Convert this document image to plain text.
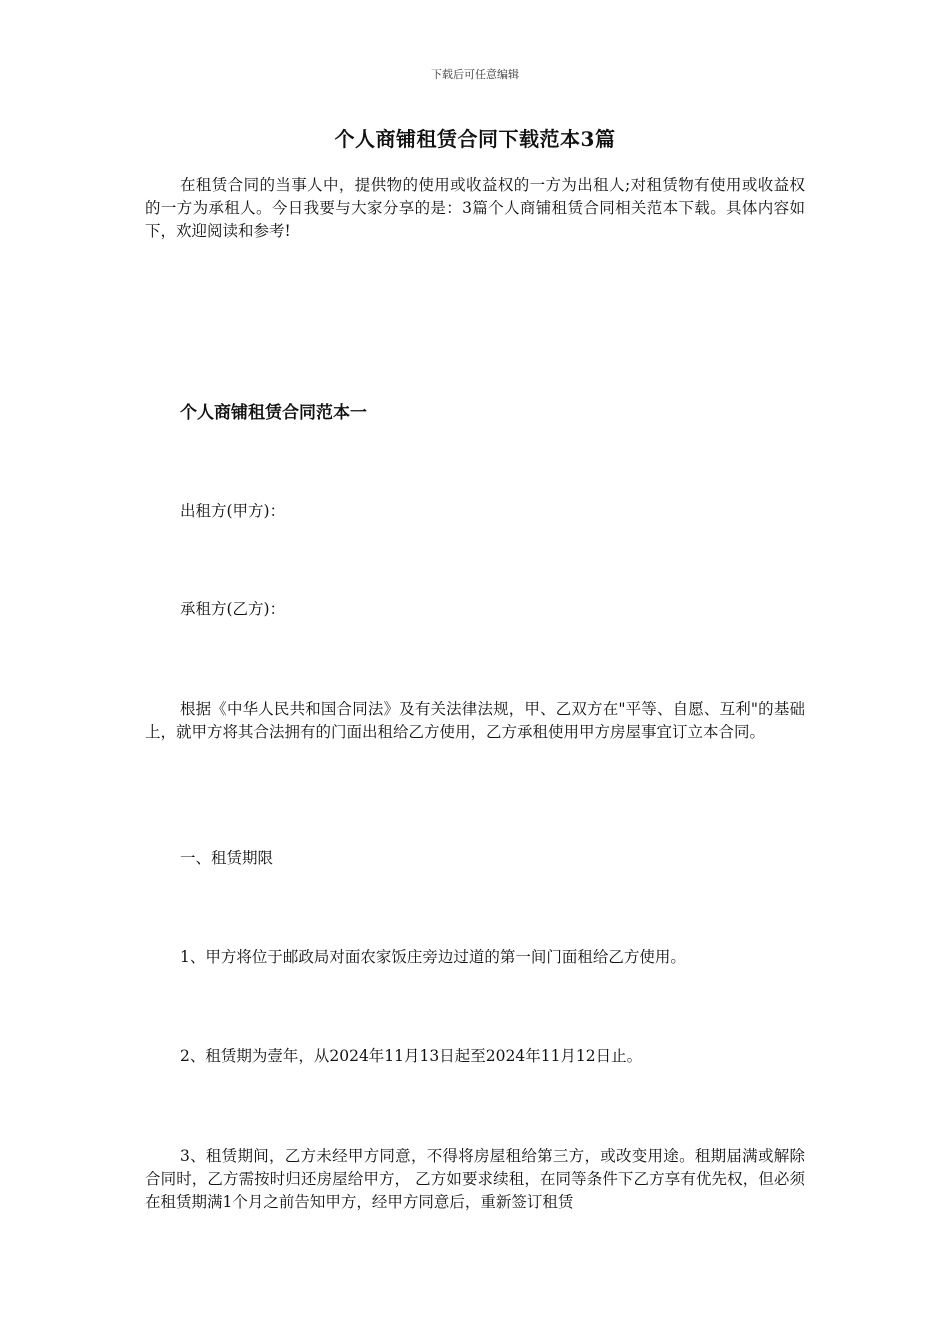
下载后可任意编辑
个人商铺租赁合同下载范本3篇

在租赁合同的当事人中，提供物的使用或收益权的一方为出租人;对租赁物有使用或收益权的一方为承租人。今日我要与大家分享的是：3篇个人商铺租赁合同相关范本下载。具体内容如下，欢迎阅读和参考!

个人商铺租赁合同范本一
出租方(甲方)：
承租方(乙方)：

根据《中华人民共和国合同法》及有关法律法规，甲、乙双方在"平等、自愿、互利"的基础上，就甲方将其合法拥有的门面出租给乙方使用，乙方承租使用甲方房屋事宜订立本合同。

一、租赁期限
1、甲方将位于邮政局对面农家饭庄旁边过道的第一间门面租给乙方使用。
2、租赁期为壹年，从2024年11月13日起至2024年11月12日止。

3、租赁期间，乙方未经甲方同意，不得将房屋租给第三方，或改变用途。租期届满或解除合同时，乙方需按时归还房屋给甲方， 乙方如要求续租，在同等条件下乙方享有优先权，但必须在租赁期满1个月之前告知甲方，经甲方同意后，重新签订租赁
